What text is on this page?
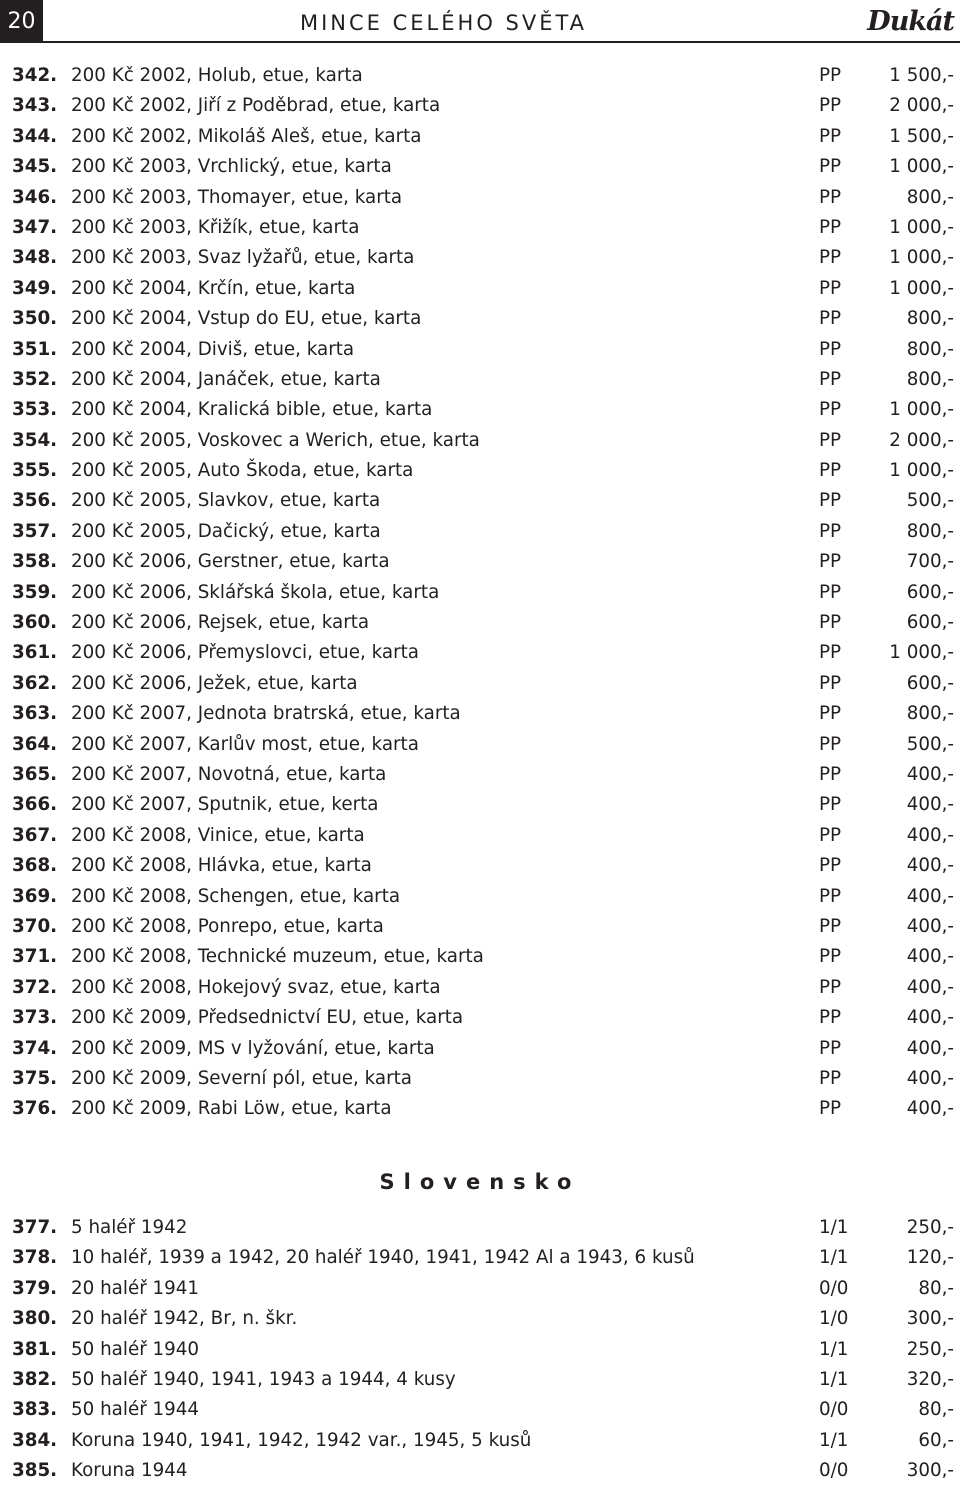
20	MINCE CELÉHO SVĚTA	Dukát
342. 200 Kč 2002, Holub, etue, karta	PP	1 500,-
343. 200 Kč 2002, Jiří z Poděbrad, etue, karta	PP	2 000,-
344. 200 Kč 2002, Mikoláš Aleš, etue, karta	PP	1 500,-
345. 200 Kč 2003, Vrchlický, etue, karta	PP	1 000,-
346. 200 Kč 2003, Thomayer, etue, karta	PP	800,-
347. 200 Kč 2003, Křižík, etue, karta	PP	1 000,-
348. 200 Kč 2003, Svaz lyžařů, etue, karta	PP	1 000,-
349. 200 Kč 2004, Krčín, etue, karta	PP	1 000,-
350. 200 Kč 2004, Vstup do EU, etue, karta	PP	800,-
351. 200 Kč 2004, Diviš, etue, karta	PP	800,-
352. 200 Kč 2004, Janáček, etue, karta	PP	800,-
353. 200 Kč 2004, Kralická bible, etue, karta	PP	1 000,-
354. 200 Kč 2005, Voskovec a Werich, etue, karta	PP	2 000,-
355. 200 Kč 2005, Auto Škoda, etue, karta	PP	1 000,-
356. 200 Kč 2005, Slavkov, etue, karta	PP	500,-
357. 200 Kč 2005, Dačický, etue, karta	PP	800,-
358. 200 Kč 2006, Gerstner, etue, karta	PP	700,-
359. 200 Kč 2006, Sklářská škola, etue, karta	PP	600,-
360. 200 Kč 2006, Rejsek, etue, karta	PP	600,-
361. 200 Kč 2006, Přemyslovci, etue, karta	PP	1 000,-
362. 200 Kč 2006, Ježek, etue, karta	PP	600,-
363. 200 Kč 2007, Jednota bratrská, etue, karta	PP	800,-
364. 200 Kč 2007, Karlův most, etue, karta	PP	500,-
365. 200 Kč 2007, Novotná, etue, karta	PP	400,-
366. 200 Kč 2007, Sputnik, etue, kerta	PP	400,-
367. 200 Kč 2008, Vinice, etue, karta	PP	400,-
368. 200 Kč 2008, Hlávka, etue, karta	PP	400,-
369. 200 Kč 2008, Schengen, etue, karta	PP	400,-
370. 200 Kč 2008, Ponrepo, etue, karta	PP	400,-
371. 200 Kč 2008, Technické muzeum, etue, karta	PP	400,-
372. 200 Kč 2008, Hokejový svaz, etue, karta	PP	400,-
373. 200 Kč 2009, Předsednictví EU, etue, karta	PP	400,-
374. 200 Kč 2009, MS v lyžování, etue, karta	PP	400,-
375. 200 Kč 2009, Severní pól, etue, karta	PP	400,-
376. 200 Kč 2009, Rabi Löw, etue, karta	PP	400,-
Slovensko
377. 5 haléř 1942	1/1	250,-
378. 10 haléř, 1939 a 1942, 20 haléř 1940, 1941, 1942 Al a 1943, 6 kusů	1/1	120,-
379. 20 haléř 1941	0/0	80,-
380. 20 haléř 1942, Br, n. škr.	1/0	300,-
381. 50 haléř 1940	1/1	250,-
382. 50 haléř 1940, 1941, 1943 a 1944, 4 kusy	1/1	320,-
383. 50 haléř 1944	0/0	80,-
384. Koruna 1940, 1941, 1942, 1942 var., 1945, 5 kusů	1/1	60,-
385. Koruna 1944	0/0	300,-
